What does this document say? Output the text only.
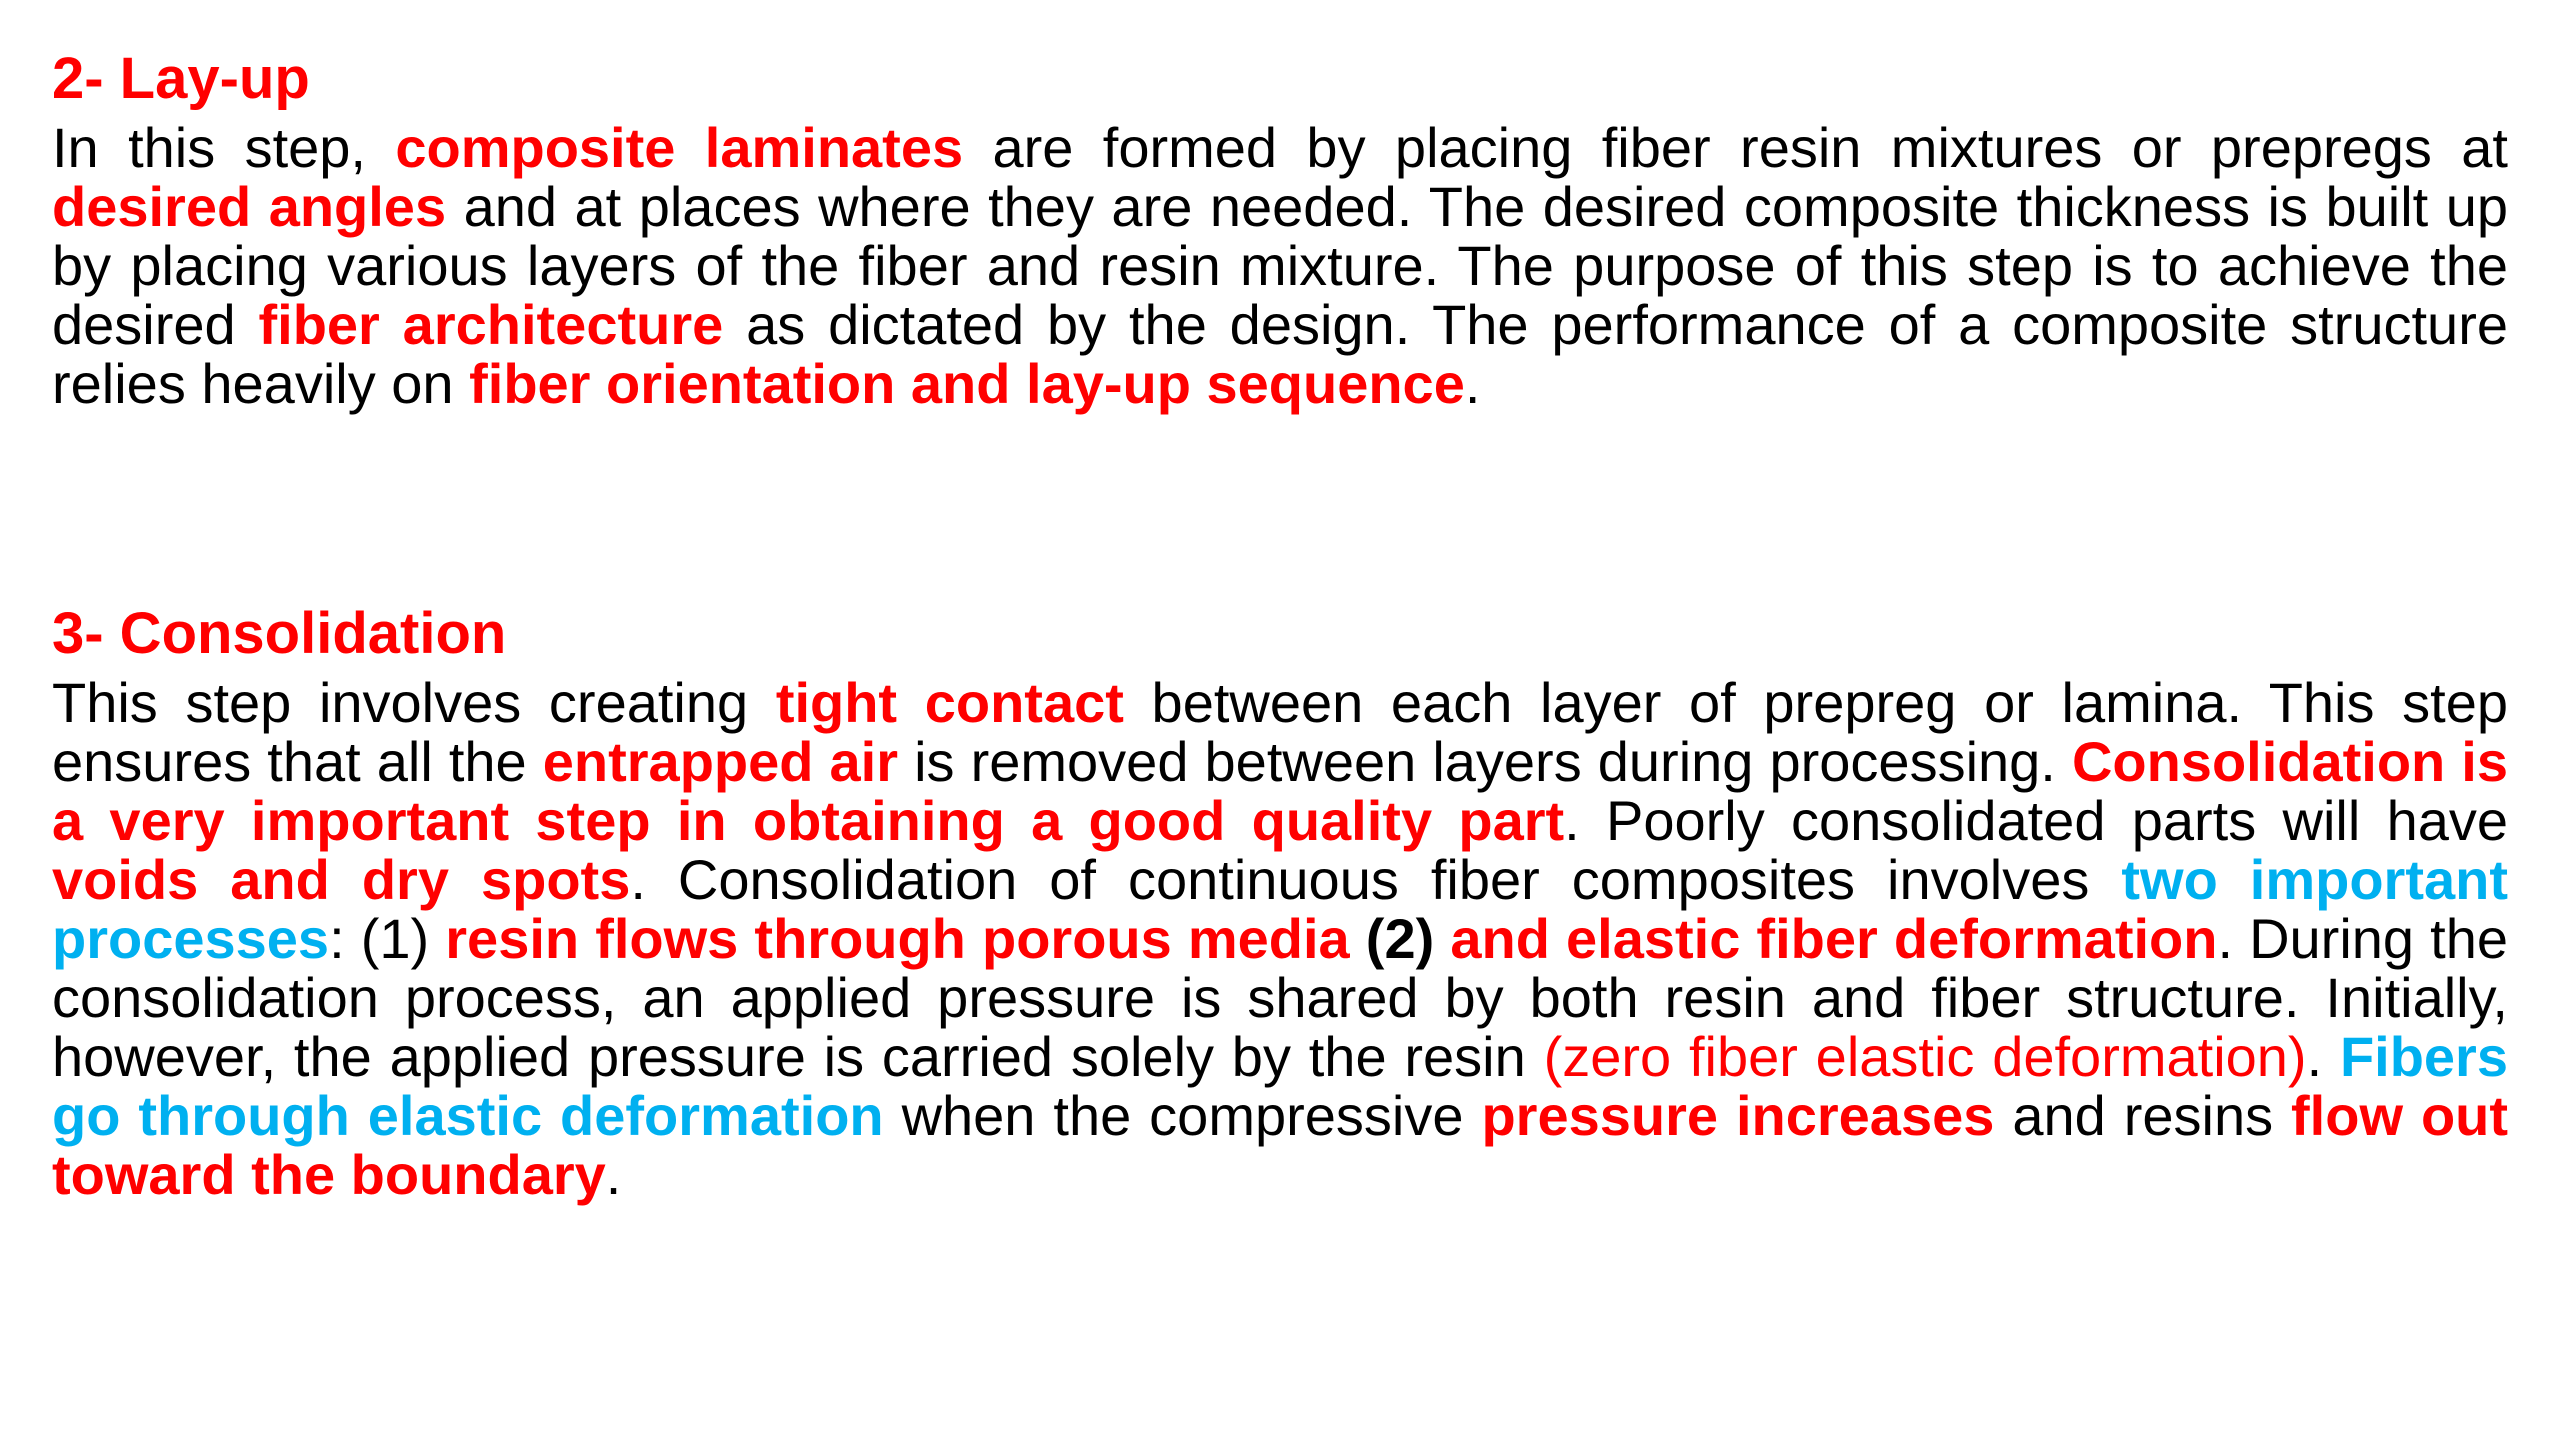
2- Lay-up

In this step, composite laminates are formed by placing fiber resin mixtures or prepregs at desired angles and at places where they are needed. The desired composite thickness is built up by placing various layers of the fiber and resin mixture. The purpose of this step is to achieve the desired fiber architecture as dictated by the design. The performance of a composite structure relies heavily on fiber orientation and lay-up sequence.

3- Consolidation

This step involves creating tight contact between each layer of prepreg or lamina. This step ensures that all the entrapped air is removed between layers during processing. Consolidation is a very important step in obtaining a good quality part. Poorly consolidated parts will have voids and dry spots. Consolidation of continuous fiber composites involves two important processes: (1) resin flows through porous media (2) and elastic fiber deformation. During the consolidation process, an applied pressure is shared by both resin and fiber structure. Initially, however, the applied pressure is carried solely by the resin (zero fiber elastic deformation). Fibers go through elastic deformation when the compressive pressure increases and resins flow out toward the boundary.
